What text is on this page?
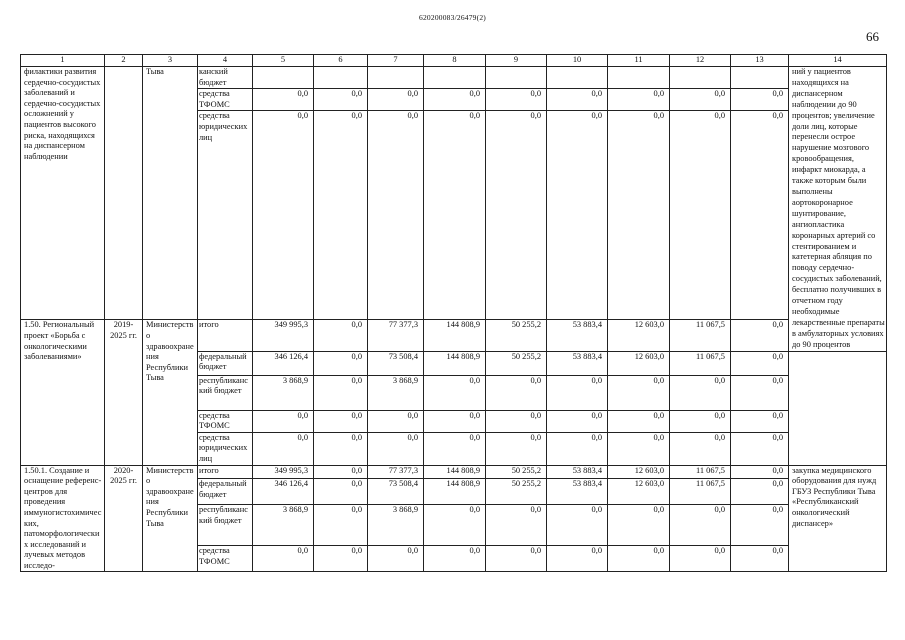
620200083/26479(2)
66
1	2	3	4	5	6	7	8	9	10	11	12	13	14
филактики развития сердечно-сосудистых заболеваний и сердечно-сосудистых осложнений у пациентов высокого риска, находящихся на диспансерном наблюдении		Тыва	канский бюджет										ний у пациентов находящихся на диспансерном наблюдении до 90 процентов; увеличение доли лиц, которые перенесли острое нарушение мозгового кровообращения, инфаркт миокарда, а также которым были выполнены аортокоронарное шунтирование, ангиопластика коронарных артерий со стентированием и катетерная абляция по поводу сердечно-сосудистых заболеваний, бесплатно получивших в отчетном году необходимые лекарственные препараты в амбулаторных условиях до 90 процентов
			средства ТФОМС	0,0	0,0	0,0	0,0	0,0	0,0	0,0	0,0	0,0	
			средства юридических лиц	0,0	0,0	0,0	0,0	0,0	0,0	0,0	0,0	0,0	
1.50. Региональный проект «Борьба с онкологическими заболеваниями»	2019-2025 гг.	Министерство здравоохранения Республики Тыва	итого	349 995,3	0,0	77 377,3	144 808,9	50 255,2	53 883,4	12 603,0	11 067,5	0,0	
			федеральный бюджет	346 126,4	0,0	73 508,4	144 808,9	50 255,2	53 883,4	12 603,0	11 067,5	0,0	
			республиканский бюджет	3 868,9	0,0	3 868,9	0,0	0,0	0,0	0,0	0,0	0,0	
			средства ТФОМС	0,0	0,0	0,0	0,0	0,0	0,0	0,0	0,0	0,0	
			средства юридических лиц	0,0	0,0	0,0	0,0	0,0	0,0	0,0	0,0	0,0	
1.50.1. Создание и оснащение референс-центров для проведения иммуногистохимических, патоморфологических исследований и лучевых методов исследо-	2020-2025 гг.	Министерство здравоохранения Республики Тыва	итого	349 995,3	0,0	77 377,3	144 808,9	50 255,2	53 883,4	12 603,0	11 067,5	0,0	закупка медицинского оборудования для нужд ГБУЗ Республики Тыва «Республиканский онкологический диспансер»
			федеральный бюджет	346 126,4	0,0	73 508,4	144 808,9	50 255,2	53 883,4	12 603,0	11 067,5	0,0	
			республиканский бюджет	3 868,9	0,0	3 868,9	0,0	0,0	0,0	0,0	0,0	0,0	
			средства ТФОМС	0,0	0,0	0,0	0,0	0,0	0,0	0,0	0,0	0,0	
